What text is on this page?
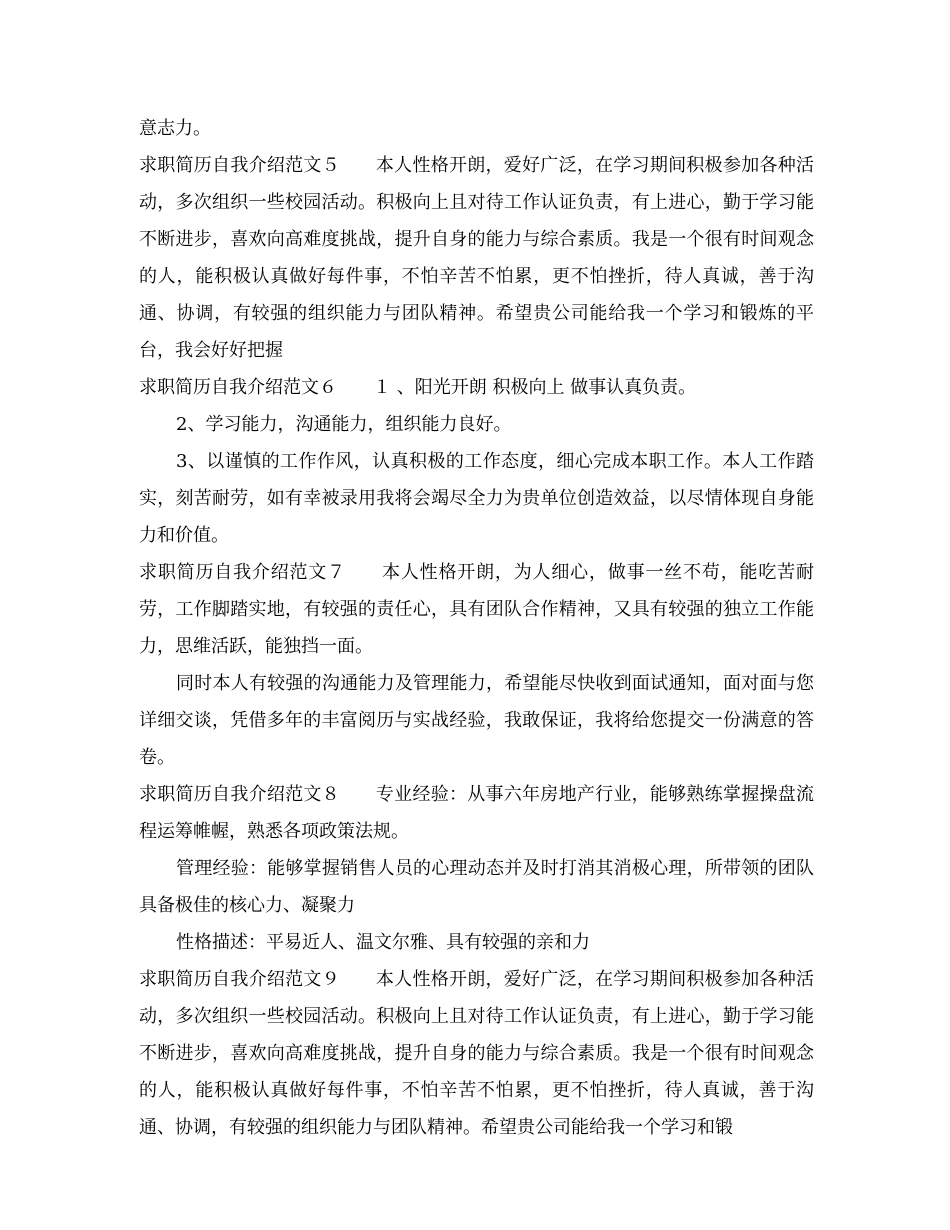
意志力。

求职简历自我介绍范文５ 本人性格开朗，爱好广泛，在学习期间积极参加各种活动，多次组织一些校园活动。积极向上且对待工作认证负责，有上进心，勤于学习能不断进步，喜欢向高难度挑战，提升自身的能力与综合素质。我是一个很有时间观念的人，能积极认真做好每件事，不怕辛苦不怕累，更不怕挫折，待人真诚，善于沟通、协调，有较强的组织能力与团队精神。希望贵公司能给我一个学习和锻炼的平台，我会好好把握

求职简历自我介绍范文６ １ 、阳光开朗 积极向上 做事认真负责。

2、学习能力，沟通能力，组织能力良好。

3、以谨慎的工作作风，认真积极的工作态度，细心完成本职工作。本人工作踏实，刻苦耐劳，如有幸被录用我将会竭尽全力为贵单位创造效益，以尽情体现自身能力和价值。

求职简历自我介绍范文７ 本人性格开朗，为人细心，做事一丝不苟，能吃苦耐劳，工作脚踏实地，有较强的责任心，具有团队合作精神，又具有较强的独立工作能力，思维活跃，能独挡一面。

同时本人有较强的沟通能力及管理能力，希望能尽快收到面试通知，面对面与您详细交谈，凭借多年的丰富阅历与实战经验，我敢保证，我将给您提交一份满意的答卷。

求职简历自我介绍范文８ 专业经验：从事六年房地产行业，能够熟练掌握操盘流程运筹帷幄，熟悉各项政策法规。

管理经验：能够掌握销售人员的心理动态并及时打消其消极心理，所带领的团队具备极佳的核心力、凝聚力

性格描述：平易近人、温文尔雅、具有较强的亲和力

求职简历自我介绍范文９ 本人性格开朗，爱好广泛，在学习期间积极参加各种活动，多次组织一些校园活动。积极向上且对待工作认证负责，有上进心，勤于学习能不断进步，喜欢向高难度挑战，提升自身的能力与综合素质。我是一个很有时间观念的人，能积极认真做好每件事，不怕辛苦不怕累，更不怕挫折，待人真诚，善于沟通、协调，有较强的组织能力与团队精神。希望贵公司能给我一个学习和锻
